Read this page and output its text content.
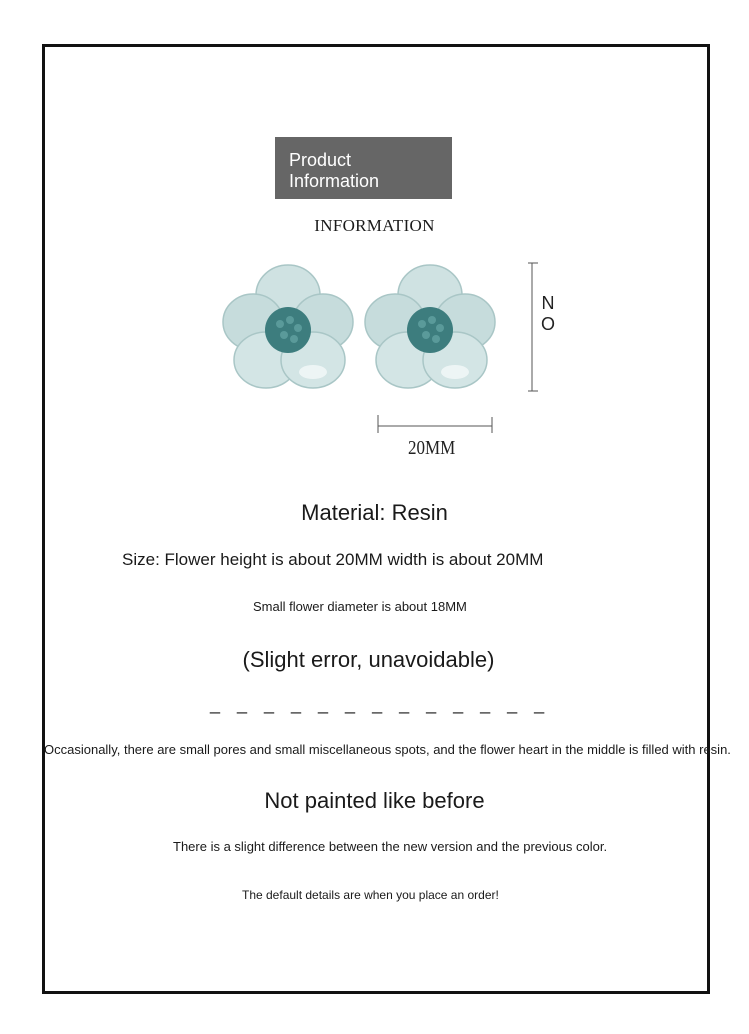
Product
Information
INFORMATION
N
O
20MM
Material: Resin
Size: Flower height is about 20MM width is about 20MM
Small flower diameter is about 18MM
(Slight error, unavoidable)
_ _ _ _ _ _ _ _ _ _ _ _ _
Occasionally, there are small pores and small miscellaneous spots, and the flower heart in the middle is filled with resin.
Not painted like before
There is a slight difference between the new version and the previous color.
The default details are when you place an order!
